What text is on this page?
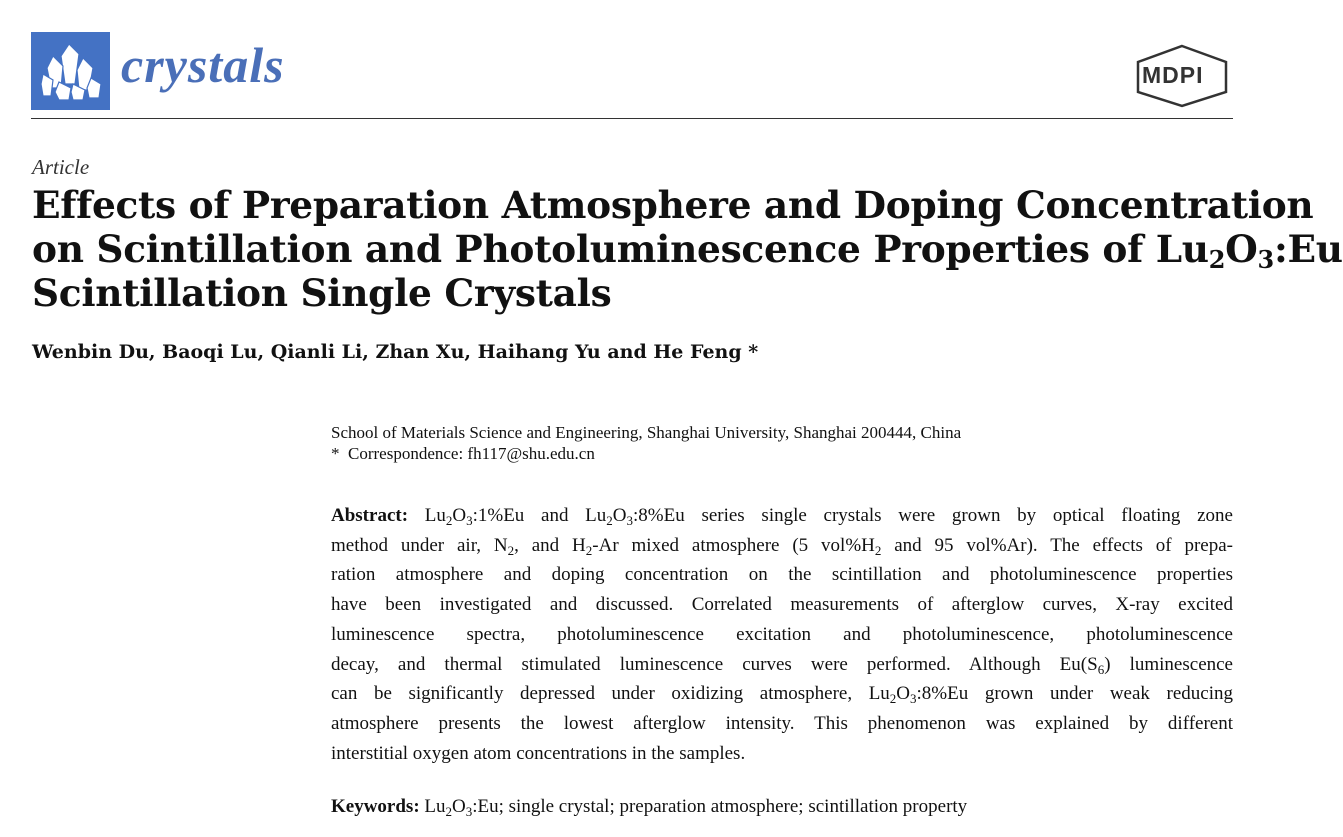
crystals	MDPI
Article
Effects of Preparation Atmosphere and Doping Concentration
on Scintillation and Photoluminescence Properties of $Lu_2O_3:Eu$
Scintillation Single Crystals
Wenbin Du, Baoqi Lu, Qianli Li, Zhan Xu, Haihang Yu and He Feng *
School of Materials Science and Engineering, Shanghai University, Shanghai 200444, China
* Correspondence: fh117@shu.edu.cn
Abstract: $Lu_2O_3:1\%Eu$ and $Lu_2O_3:8\%Eu$ series single crystals were grown by optical floating zone
method under air, $N_2$, and $H_2-Ar$ mixed atmosphere (5 $vol\%H_2$ and 95 vol%Ar). The effects of prepa-
ration atmosphere and doping concentration on the scintillation and photoluminescence properties
have been investigated and discussed. Correlated measurements of afterglow curves, X-ray excited
luminescence spectra, photoluminescence excitation and photoluminescence, photoluminescence
decay, and thermal stimulated luminescence curves were performed. Although $Eu(S_6)$ luminescence
can be significantly depressed under oxidizing atmosphere, $Lu_2O_3:8\%Eu$ grown under weak reducing
atmosphere presents the lowest afterglow intensity. This phenomenon was explained by different
interstitial oxygen atom concentrations in the samples.
Keywords: $Lu_2O_3:Eu$; single crystal; preparation atmosphere; scintillation property
